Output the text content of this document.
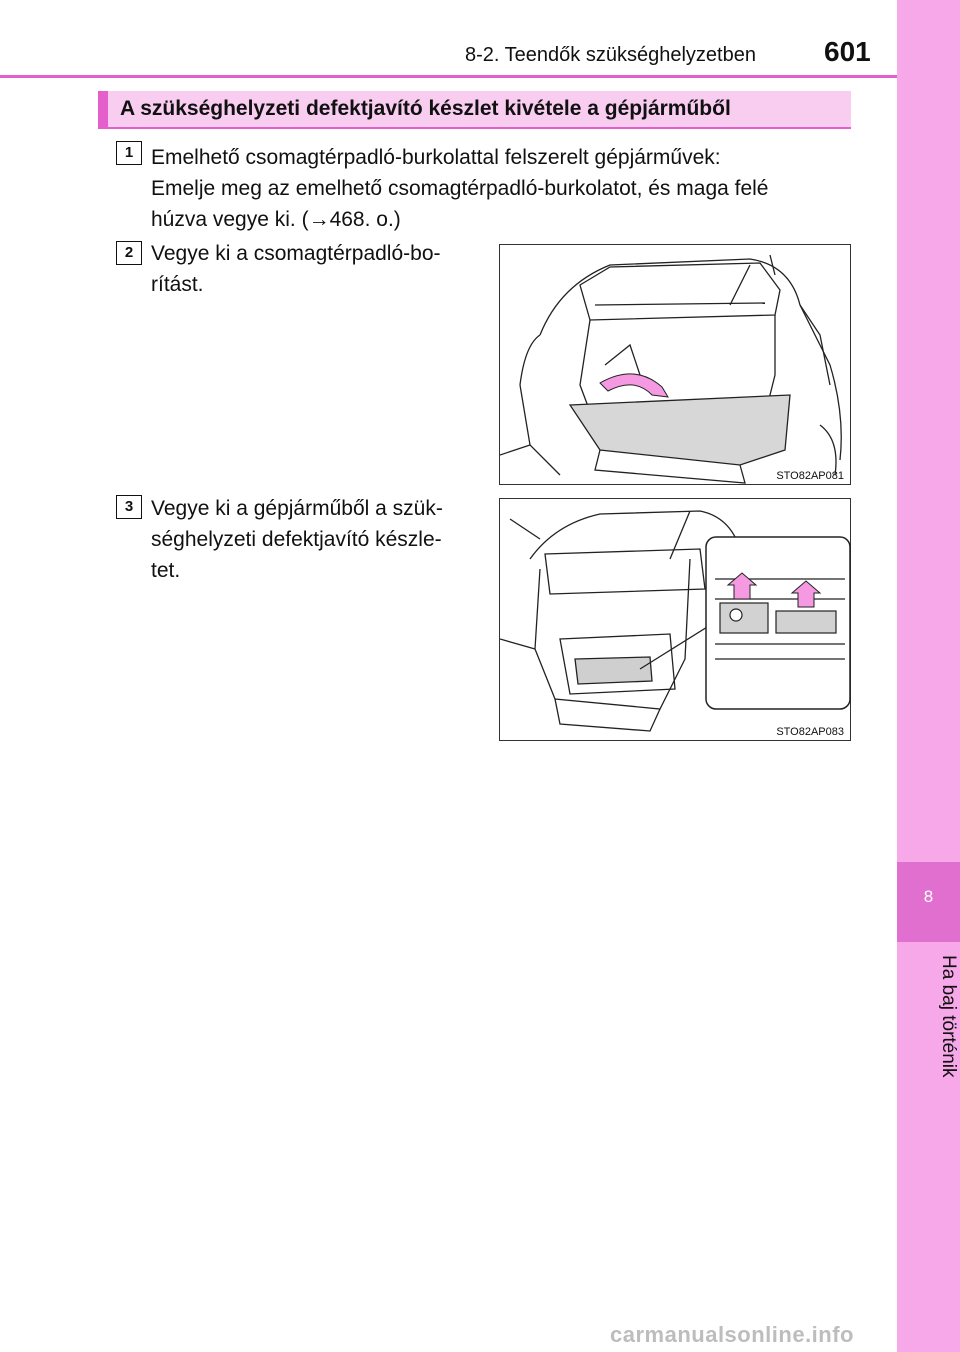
8
Ha baj történik
8-2. Teendők szükséghelyzetben 601
A szükséghelyzeti defektjavító készlet kivétele a gépjárműből
1 Emelhető csomagtérpadló-burkolattal felszerelt gépjárművek:
Emelje meg az emelhető csomagtérpadló-burkolatot, és maga felé
húzva vegye ki. (→468. o.)
2 Vegye ki a csomagtérpadló-bo-
rítást.
STO82AP081
3 Vegye ki a gépjárműből a szük-
séghelyzeti defektjavító készle-
tet.
STO82AP083
carmanualsonline.info
